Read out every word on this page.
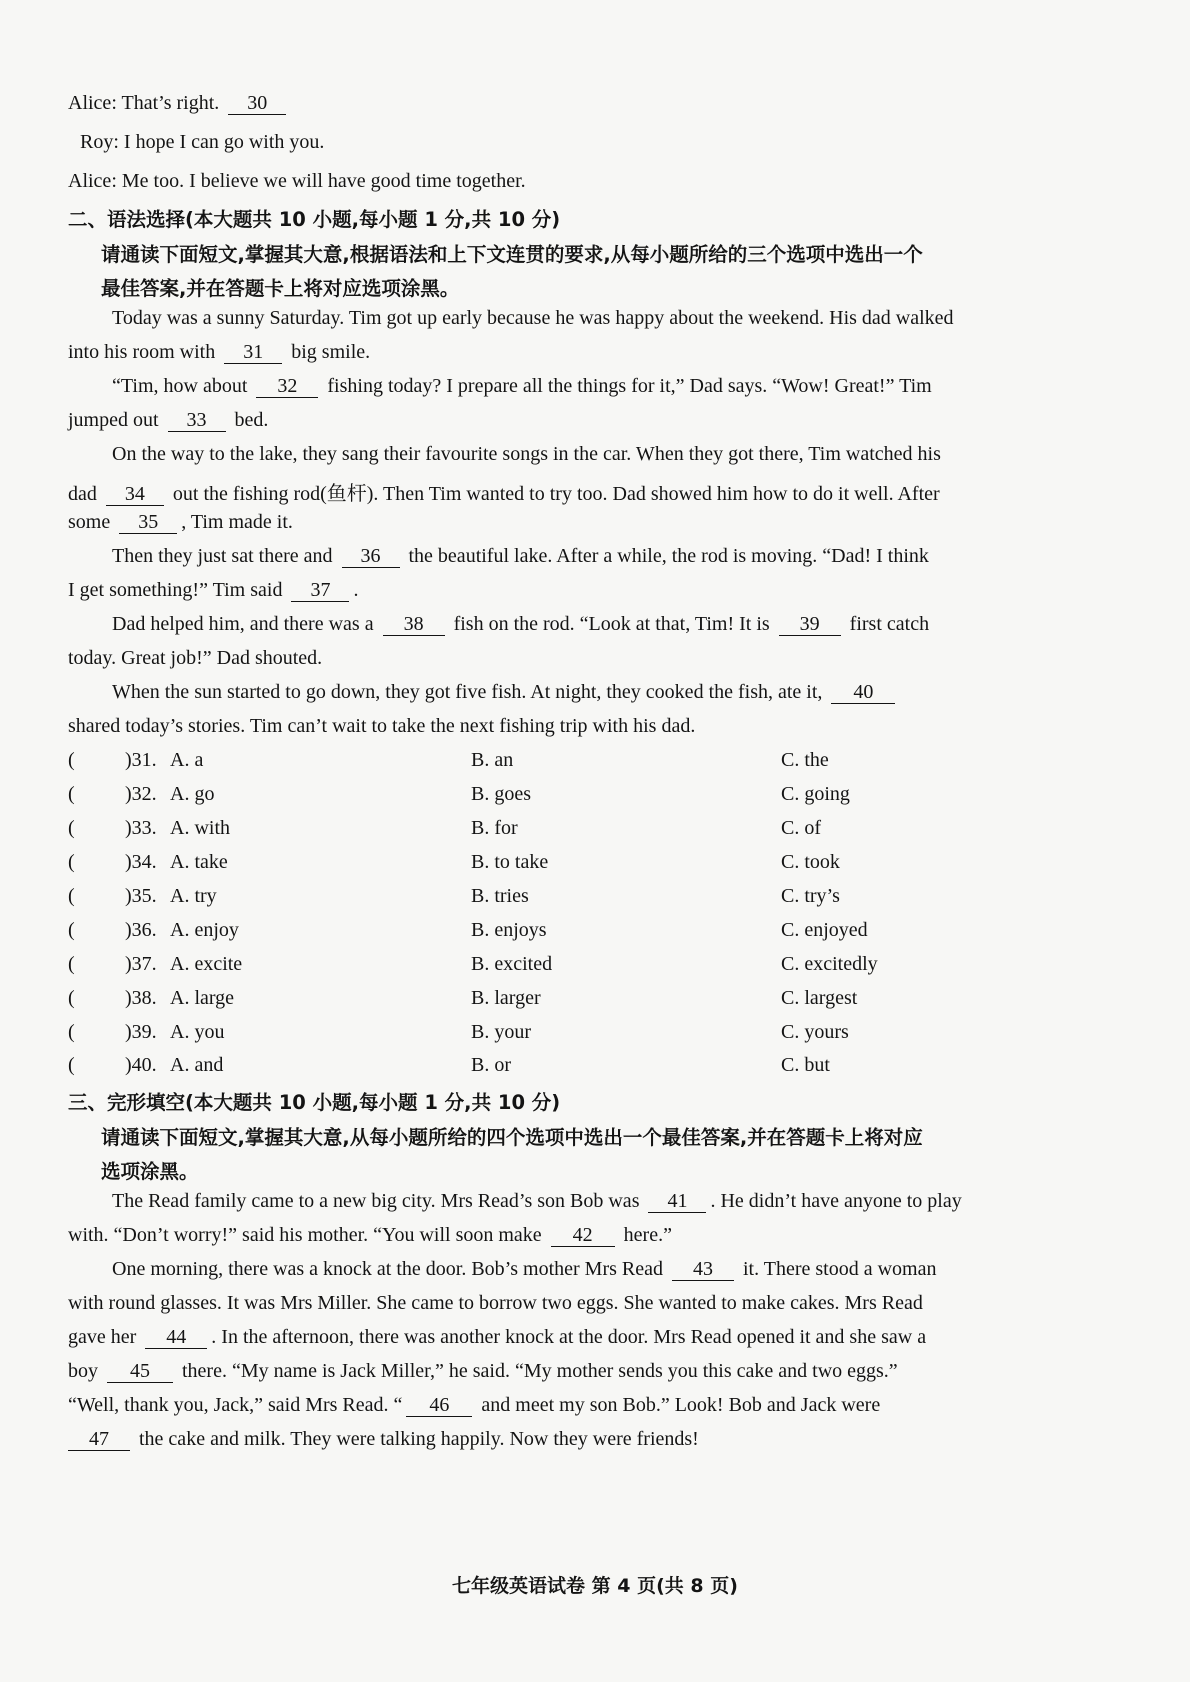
Alice: That’s right. 30
Roy: I hope I can go with you.
Alice: Me too. I believe we will have good time together.
二、语法选择(本大题共 10 小题,每小题 1 分,共 10 分)
请通读下面短文,掌握其大意,根据语法和上下文连贯的要求,从每小题所给的三个选项中选出一个
最佳答案,并在答题卡上将对应选项涂黑。
Today was a sunny Saturday. Tim got up early because he was happy about the weekend. His dad walked
into his room with 31 big smile.
“Tim, how about 32 fishing today? I prepare all the things for it,” Dad says. “Wow! Great!” Tim
jumped out 33 bed.
On the way to the lake, they sang their favourite songs in the car. When they got there, Tim watched his
dad 34 out the fishing rod(鱼杆). Then Tim wanted to try too. Dad showed him how to do it well. After
some 35 , Tim made it.
Then they just sat there and 36 the beautiful lake. After a while, the rod is moving. “Dad! I think
I get something!” Tim said 37 .
Dad helped him, and there was a 38 fish on the rod. “Look at that, Tim! It is 39 first catch
today. Great job!” Dad shouted.
When the sun started to go down, they got five fish. At night, they cooked the fish, ate it, 40
shared today’s stories. Tim can’t wait to take the next fishing trip with his dad.
(	)31. A. a	B. an	C. the
(	)32. A. go	B. goes	C. going
(	)33. A. with	B. for	C. of
(	)34. A. take	B. to take	C. took
(	)35. A. try	B. tries	C. try’s
(	)36. A. enjoy	B. enjoys	C. enjoyed
(	)37. A. excite	B. excited	C. excitedly
(	)38. A. large	B. larger	C. largest
(	)39. A. you	B. your	C. yours
(	)40. A. and	B. or	C. but
三、完形填空(本大题共 10 小题,每小题 1 分,共 10 分)
请通读下面短文,掌握其大意,从每小题所给的四个选项中选出一个最佳答案,并在答题卡上将对应
选项涂黑。
The Read family came to a new big city. Mrs Read’s son Bob was 41 . He didn’t have anyone to play
with. “Don’t worry!” said his mother. “You will soon make 42 here.”
One morning, there was a knock at the door. Bob’s mother Mrs Read 43 it. There stood a woman
with round glasses. It was Mrs Miller. She came to borrow two eggs. She wanted to make cakes. Mrs Read
gave her 44 . In the afternoon, there was another knock at the door. Mrs Read opened it and she saw a
boy 45 there. “My name is Jack Miller,” he said. “My mother sends you this cake and two eggs.”
“Well, thank you, Jack,” said Mrs Read. “ 46 and meet my son Bob.” Look! Bob and Jack were
47 the cake and milk. They were talking happily. Now they were friends!
七年级英语试卷 第 4 页(共 8 页)
